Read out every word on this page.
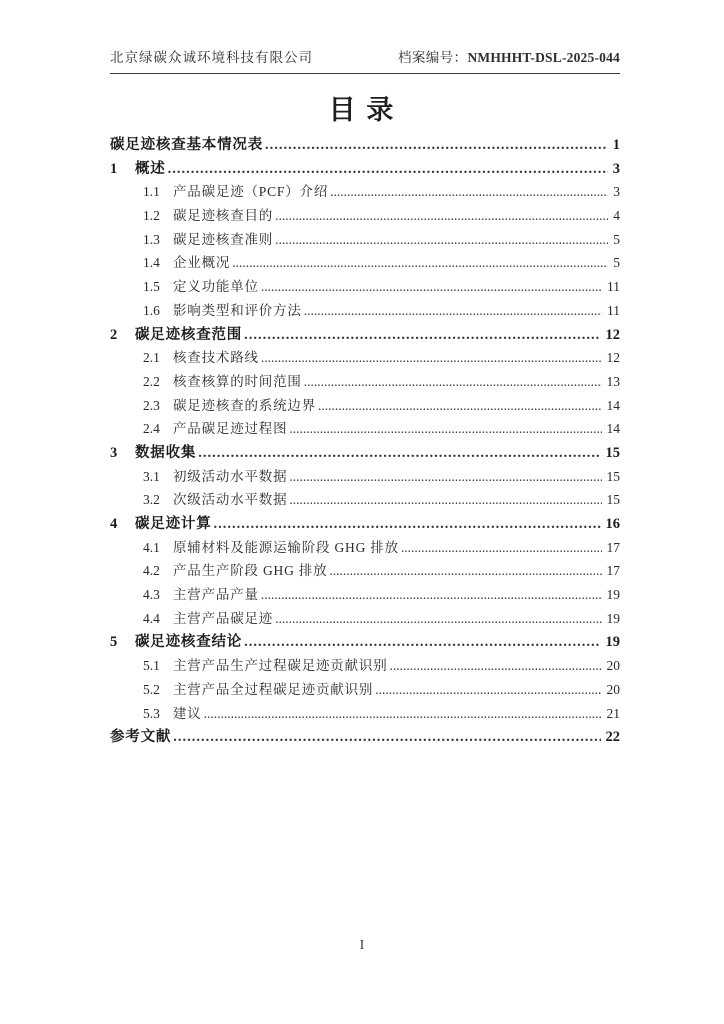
北京绿碳众诚环境科技有限公司	档案编号：NMHHHT-DSL-2025-044
目 录
碳足迹核查基本情况表 .....	1
1	概述 .....	3
1.1 产品碳足迹（PCF）介绍 .....	3
1.2 碳足迹核查目的 .....	4
1.3 碳足迹核查准则 .....	5
1.4 企业概况 .....	5
1.5 定义功能单位 .....	11
1.6 影响类型和评价方法 .....	11
2	碳足迹核查范围 .....	12
2.1 核查技术路线 .....	12
2.2 核查核算的时间范围 .....	13
2.3 碳足迹核查的系统边界 .....	14
2.4 产品碳足迹过程图 .....	14
3	数据收集 .....	15
3.1 初级活动水平数据 .....	15
3.2 次级活动水平数据 .....	15
4	碳足迹计算 .....	16
4.1 原辅材料及能源运输阶段 GHG 排放 .....	17
4.2 产品生产阶段 GHG 排放 .....	17
4.3 主营产品产量 .....	19
4.4 主营产品碳足迹 .....	19
5	碳足迹核查结论 .....	19
5.1 主营产品生产过程碳足迹贡献识别 .....	20
5.2 主营产品全过程碳足迹贡献识别 .....	20
5.3 建议 .....	21
参考文献 .....	22
I
